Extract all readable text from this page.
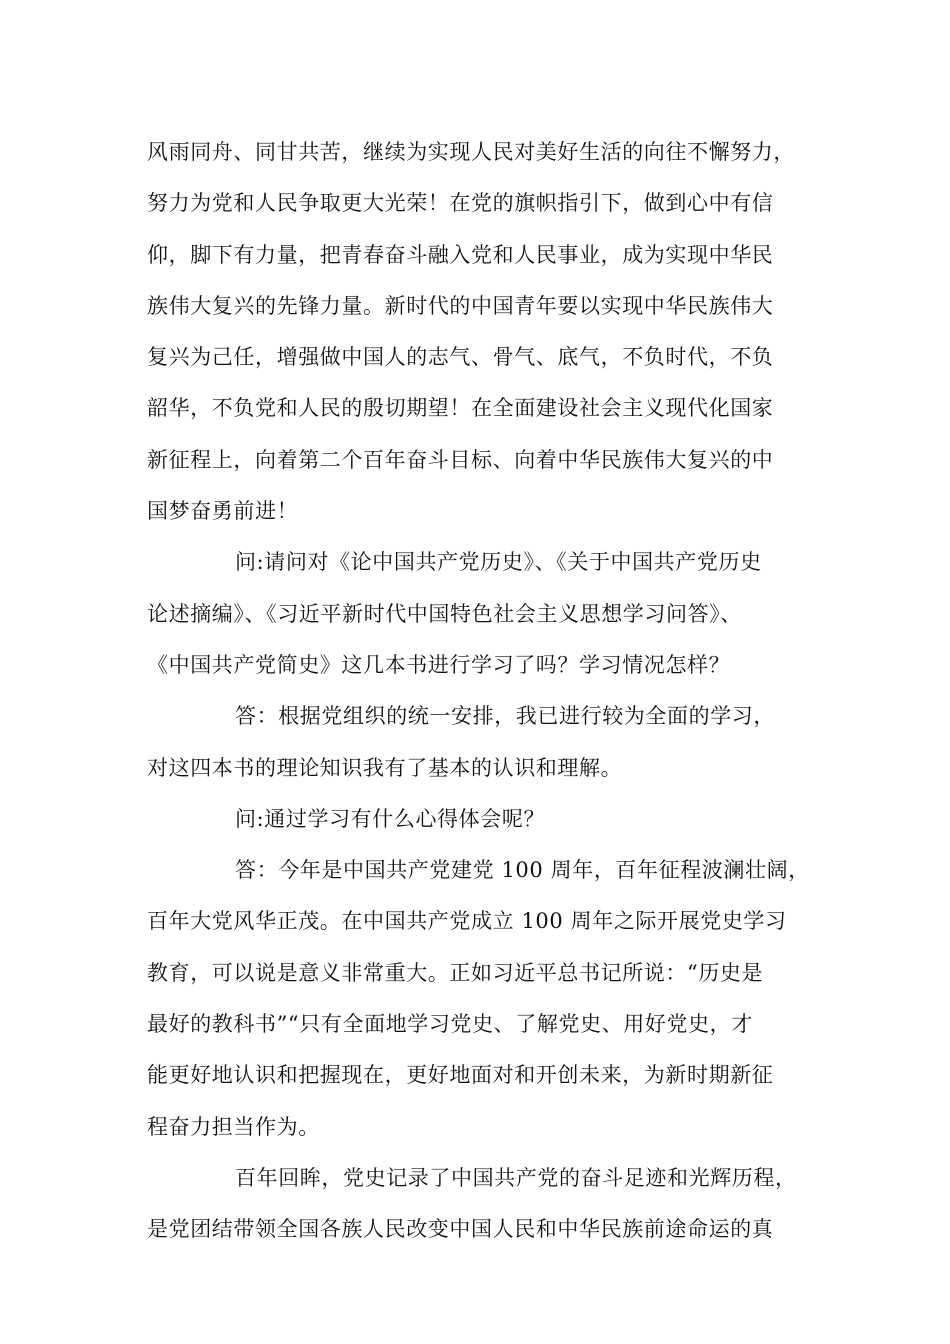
风雨同舟、同甘共苦，继续为实现人民对美好生活的向往不懈努力，
努力为党和人民争取更大光荣！在党的旗帜指引下，做到心中有信
仰，脚下有力量，把青春奋斗融入党和人民事业，成为实现中华民
族伟大复兴的先锋力量。新时代的中国青年要以实现中华民族伟大
复兴为己任，增强做中国人的志气、骨气、底气，不负时代，不负
韶华，不负党和人民的殷切期望！在全面建设社会主义现代化国家
新征程上，向着第二个百年奋斗目标、向着中华民族伟大复兴的中
国梦奋勇前进！
问:请问对《论中国共产党历史》、《关于中国共产党历史
论述摘编》、《习近平新时代中国特色社会主义思想学习问答》、
《中国共产党简史》这几本书进行学习了吗？学习情况怎样？
答：根据党组织的统一安排，我已进行较为全面的学习，
对这四本书的理论知识我有了基本的认识和理解。
问:通过学习有什么心得体会呢？
答：今年是中国共产党建党 100 周年，百年征程波澜壮阔，
百年大党风华正茂。在中国共产党成立 100 周年之际开展党史学习
教育，可以说是意义非常重大。正如习近平总书记所说：“历史是
最好的教科书”“只有全面地学习党史、了解党史、用好党史，才
能更好地认识和把握现在，更好地面对和开创未来，为新时期新征
程奋力担当作为。
百年回眸，党史记录了中国共产党的奋斗足迹和光辉历程，
是党团结带领全国各族人民改变中国人民和中华民族前途命运的真
